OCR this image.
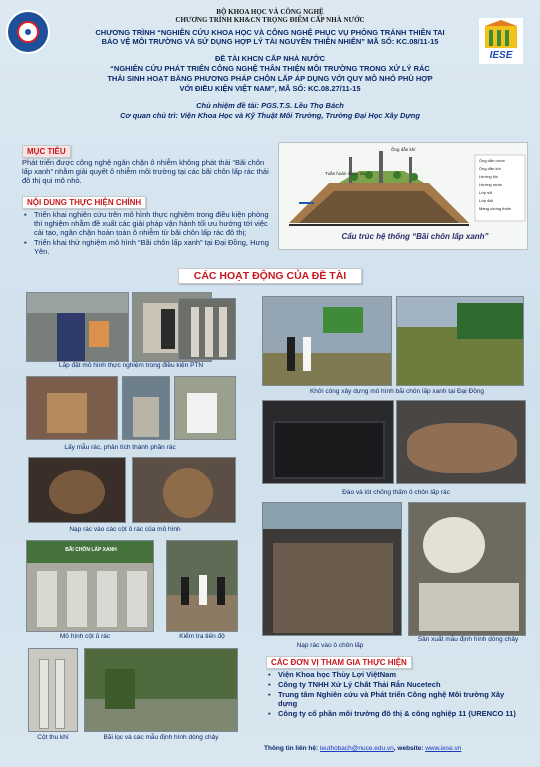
BỘ KHOA HỌC VÀ CÔNG NGHỆ
CHƯƠNG TRÌNH KH&CN TRỌNG ĐIỂM CẤP NHÀ NƯỚC
CHƯƠNG TRÌNH “NGHIÊN CỨU KHOA HỌC VÀ CÔNG NGHỆ PHỤC VỤ PHÒNG TRÁNH THIÊN TAI
BẢO VỆ MÔI TRƯỜNG VÀ SỬ DỤNG HỢP LÝ TÀI NGUYÊN THIÊN NHIÊN” MÃ SỐ: KC.08/11-15
ĐỀ TÀI KHCN CẤP NHÀ NƯỚC
“NGHIÊN CỨU PHÁT TRIỂN CÔNG NGHỆ THÂN THIỆN MÔI TRƯỜNG TRONG XỬ LÝ RÁC
THẢI SINH HOẠT BẰNG PHƯƠNG PHÁP CHÔN LẤP ÁP DỤNG VỚI QUY MÔ NHỎ PHÙ HỢP
VỚI ĐIỀU KIỆN VIỆT NAM”, MÃ SỐ: KC.08.27/11-15
Chủ nhiệm đề tài: PGS.T.S. Lều Thọ Bách
Cơ quan chủ trì: Viện Khoa Học và Kỹ Thuật Môi Trường, Trường Đại Học Xây Dựng
IESE
MỤC TIÊU
Phát triển được công nghệ ngăn chặn ô nhiễm không phát thải “Bãi chôn lấp xanh” nhằm giải quyết ô nhiễm môi trường tại các bãi chôn lấp rác thải đô thị qui mô nhỏ.
NỘI DUNG THỰC HIỆN CHÍNH
▪ Triển khai nghiên cứu trên mô hình thực nghiệm trong điều kiện phòng thí nghiệm nhằm đề xuất các giải pháp vận hành tối ưu hướng tới việc cải tạo, ngăn chặn hoàn toàn ô nhiễm từ bãi chôn lấp rác đô thị;
▪ Triển khai thử nghiệm mô hình “Bãi chôn lấp xanh” tại Đại Đồng, Hưng Yên.
Tuần hoàn nước rác
Ống dẫn khí
Ống dẫn nước
Ống dẫn khí
Hướng khí
Hướng nước
Lớp sỏi
Lớp đất
Màng chống thấm
Cấu trúc hệ thống “Bãi chôn lấp xanh”
CÁC HOẠT ĐỘNG CỦA ĐỀ TÀI
Lắp đặt mô hình thực nghiệm trong điều kiện PTN
Lấy mẫu rác, phân tích thành phần rác
Nạp rác vào các cột ủ rác của mô hình
BÃI CHÔN LẤP XANH
Mô hình cột ủ rác	Kiểm tra tiến độ
Cột thu khí	Bãi lọc và các mẫu định hình dòng chảy
Khởi công xây dựng mô hình bãi chôn lấp xanh tại Đại Đồng
Đào và lót chống thấm ô chôn lấp rác
Nạp rác vào ô chôn lấp
Sản xuất mẫu định hình dòng chảy
CÁC ĐƠN VỊ THAM GIA THỰC HIỆN
▪ Viện Khoa học Thủy Lợi ViệtNam
▪ Công ty TNHH Xử Lý Chất Thải Rắn Nucetech
▪ Trung tâm Nghiên cứu và Phát triển Công nghệ Môi trường Xây dựng
▪ Công ty cổ phần môi trường đô thị & công nghiệp 11 (URENCO 11)
Thông tin liên hệ: leuthobach@nuce.edu.vn, website: www.iese.vn
